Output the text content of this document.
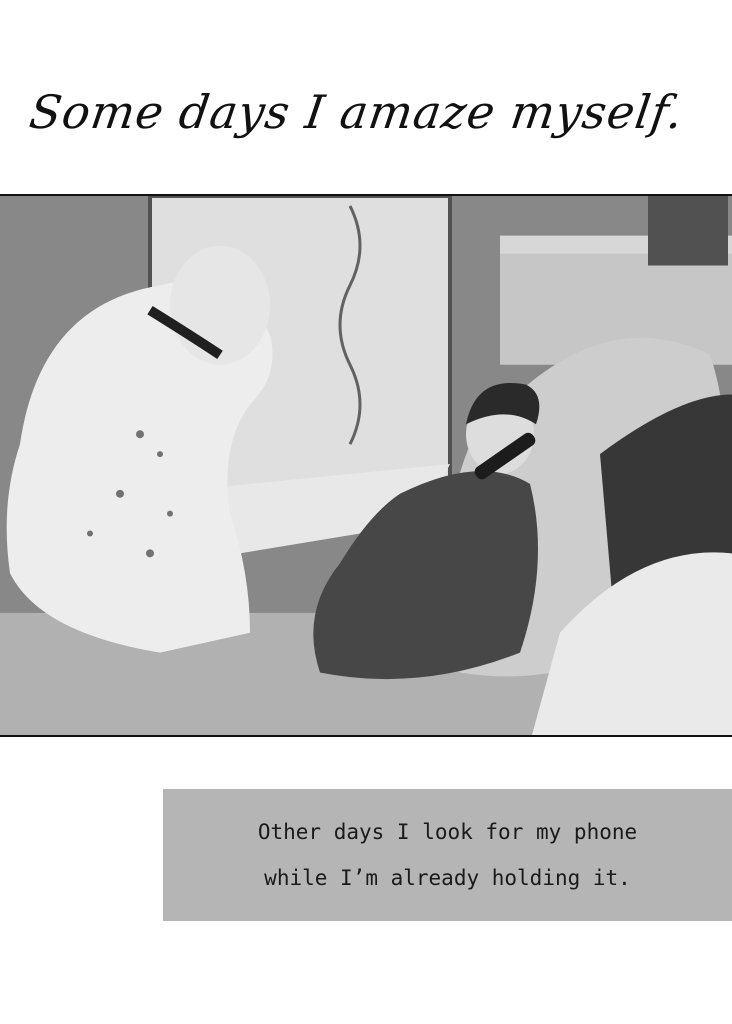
Some days I amaze myself.
Other days I look for my phone
while I’m already holding it.
